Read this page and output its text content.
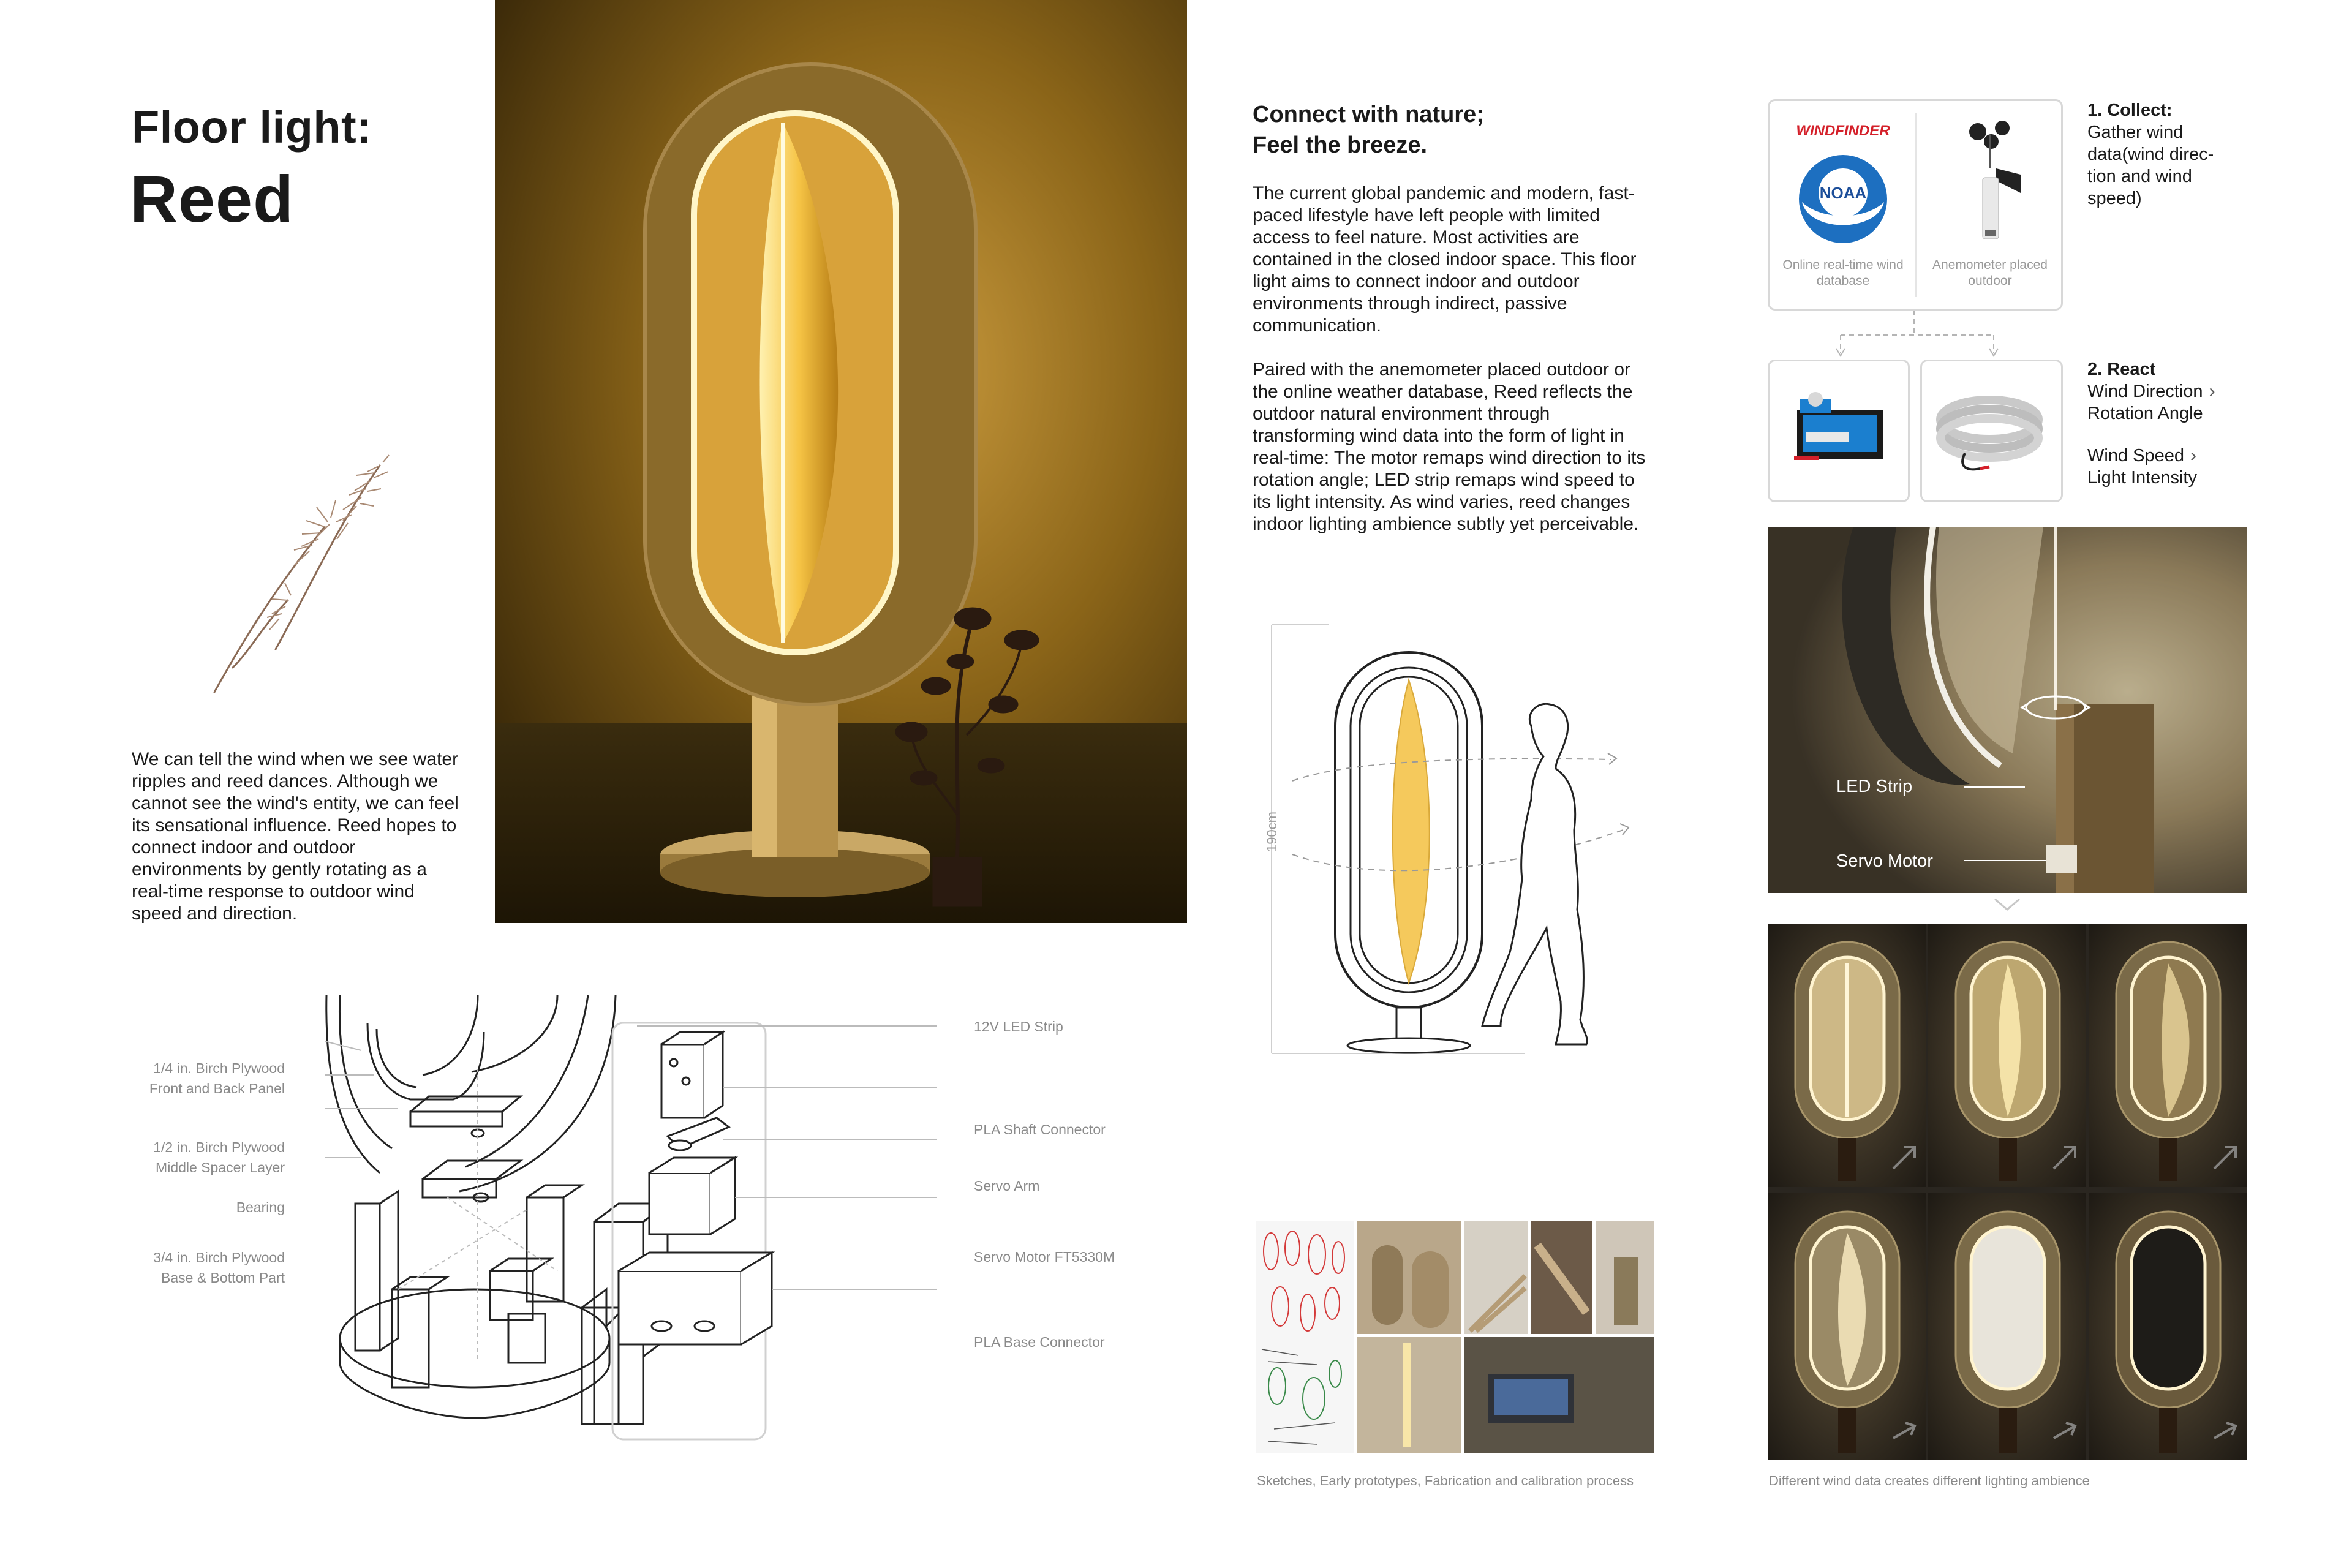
Floor light:
Reed
We can tell the wind when we see water ripples and reed dances. Although we cannot see the wind's entity, we can feel its sensational influence. Reed hopes to connect indoor and outdoor environments by gently rotating as a real-time response to outdoor wind speed and direction.
Connect with nature;
Feel the breeze.

The current global pandemic and modern, fast-paced lifestyle have left people with limited access to feel nature. Most activities are contained in the closed indoor space. This floor light aims to connect indoor and outdoor environments through indirect, passive communication.

Paired with the anemometer placed outdoor or the online weather database, Reed reflects the outdoor natural environment through transforming wind data into the form of light in real-time: The motor remaps wind direction to its rotation angle; LED strip remaps wind speed to its light intensity. As wind varies, reed changes indoor lighting ambience subtly yet perceivable.

190cm
1/4 in. Birch Plywood
Front and Back Panel
1/2 in. Birch Plywood
Middle Spacer Layer
Bearing
3/4 in. Birch Plywood
Base & Bottom Part
12V LED Strip
PLA Shaft Connector
Servo Arm
Servo Motor FT5330M
PLA Base Connector
Sketches, Early prototypes, Fabrication and calibration process
WINDFINDER
NOAA
Online real-time wind database
Anemometer placed outdoor
1. Collect:
Gather wind data(wind direc- tion and wind speed)
2. React
Wind Direction ›
Rotation Angle
Wind Speed ›
Light Intensity
LED Strip
Servo Motor
Different wind data creates different lighting ambience
